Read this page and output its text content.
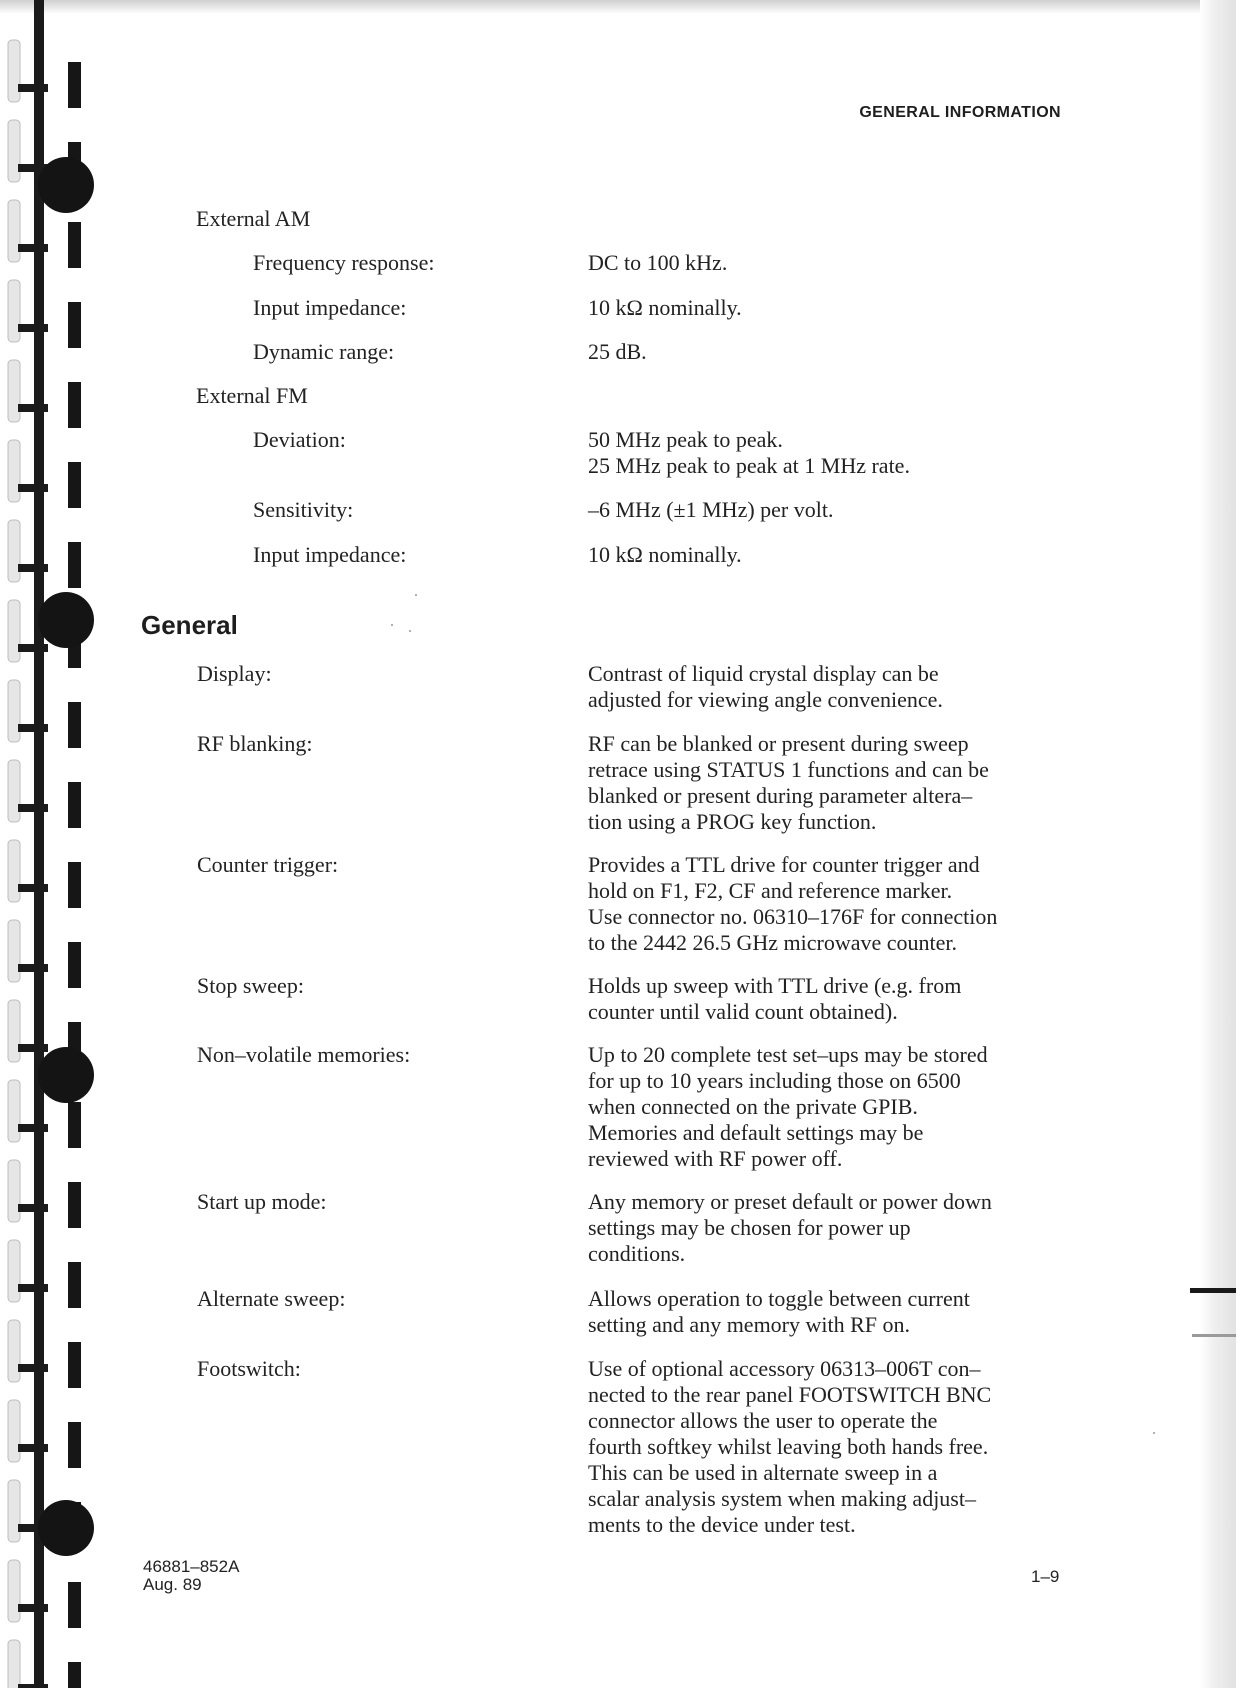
GENERAL INFORMATION
External AM
Frequency response:	DC to 100 kHz.
Input impedance:	10 kΩ nominally.
Dynamic range:	25 dB.
External FM
Deviation:	50 MHz peak to peak.
25 MHz peak to peak at 1 MHz rate.
Sensitivity:	–6 MHz (±1 MHz) per volt.
Input impedance:	10 kΩ nominally.
General
Display:	Contrast of liquid crystal display can be
adjusted for viewing angle convenience.
RF blanking:	RF can be blanked or present during sweep
retrace using STATUS 1 functions and can be
blanked or present during parameter altera–
tion using a PROG key function.
Counter trigger:	Provides a TTL drive for counter trigger and
hold on F1, F2, CF and reference marker.
Use connector no. 06310–176F for connection
to the 2442 26.5 GHz microwave counter.
Stop sweep:	Holds up sweep with TTL drive (e.g. from
counter until valid count obtained).
Non–volatile memories:	Up to 20 complete test set–ups may be stored
for up to 10 years including those on 6500
when connected on the private GPIB.
Memories and default settings may be
reviewed with RF power off.
Start up mode:	Any memory or preset default or power down
settings may be chosen for power up
conditions.
Alternate sweep:	Allows operation to toggle between current
setting and any memory with RF on.
Footswitch:	Use of optional accessory 06313–006T con–
nected to the rear panel FOOTSWITCH BNC
connector allows the user to operate the
fourth softkey whilst leaving both hands free.
This can be used in alternate sweep in a
scalar analysis system when making adjust–
ments to the device under test.
46881–852A
Aug. 89	1–9
